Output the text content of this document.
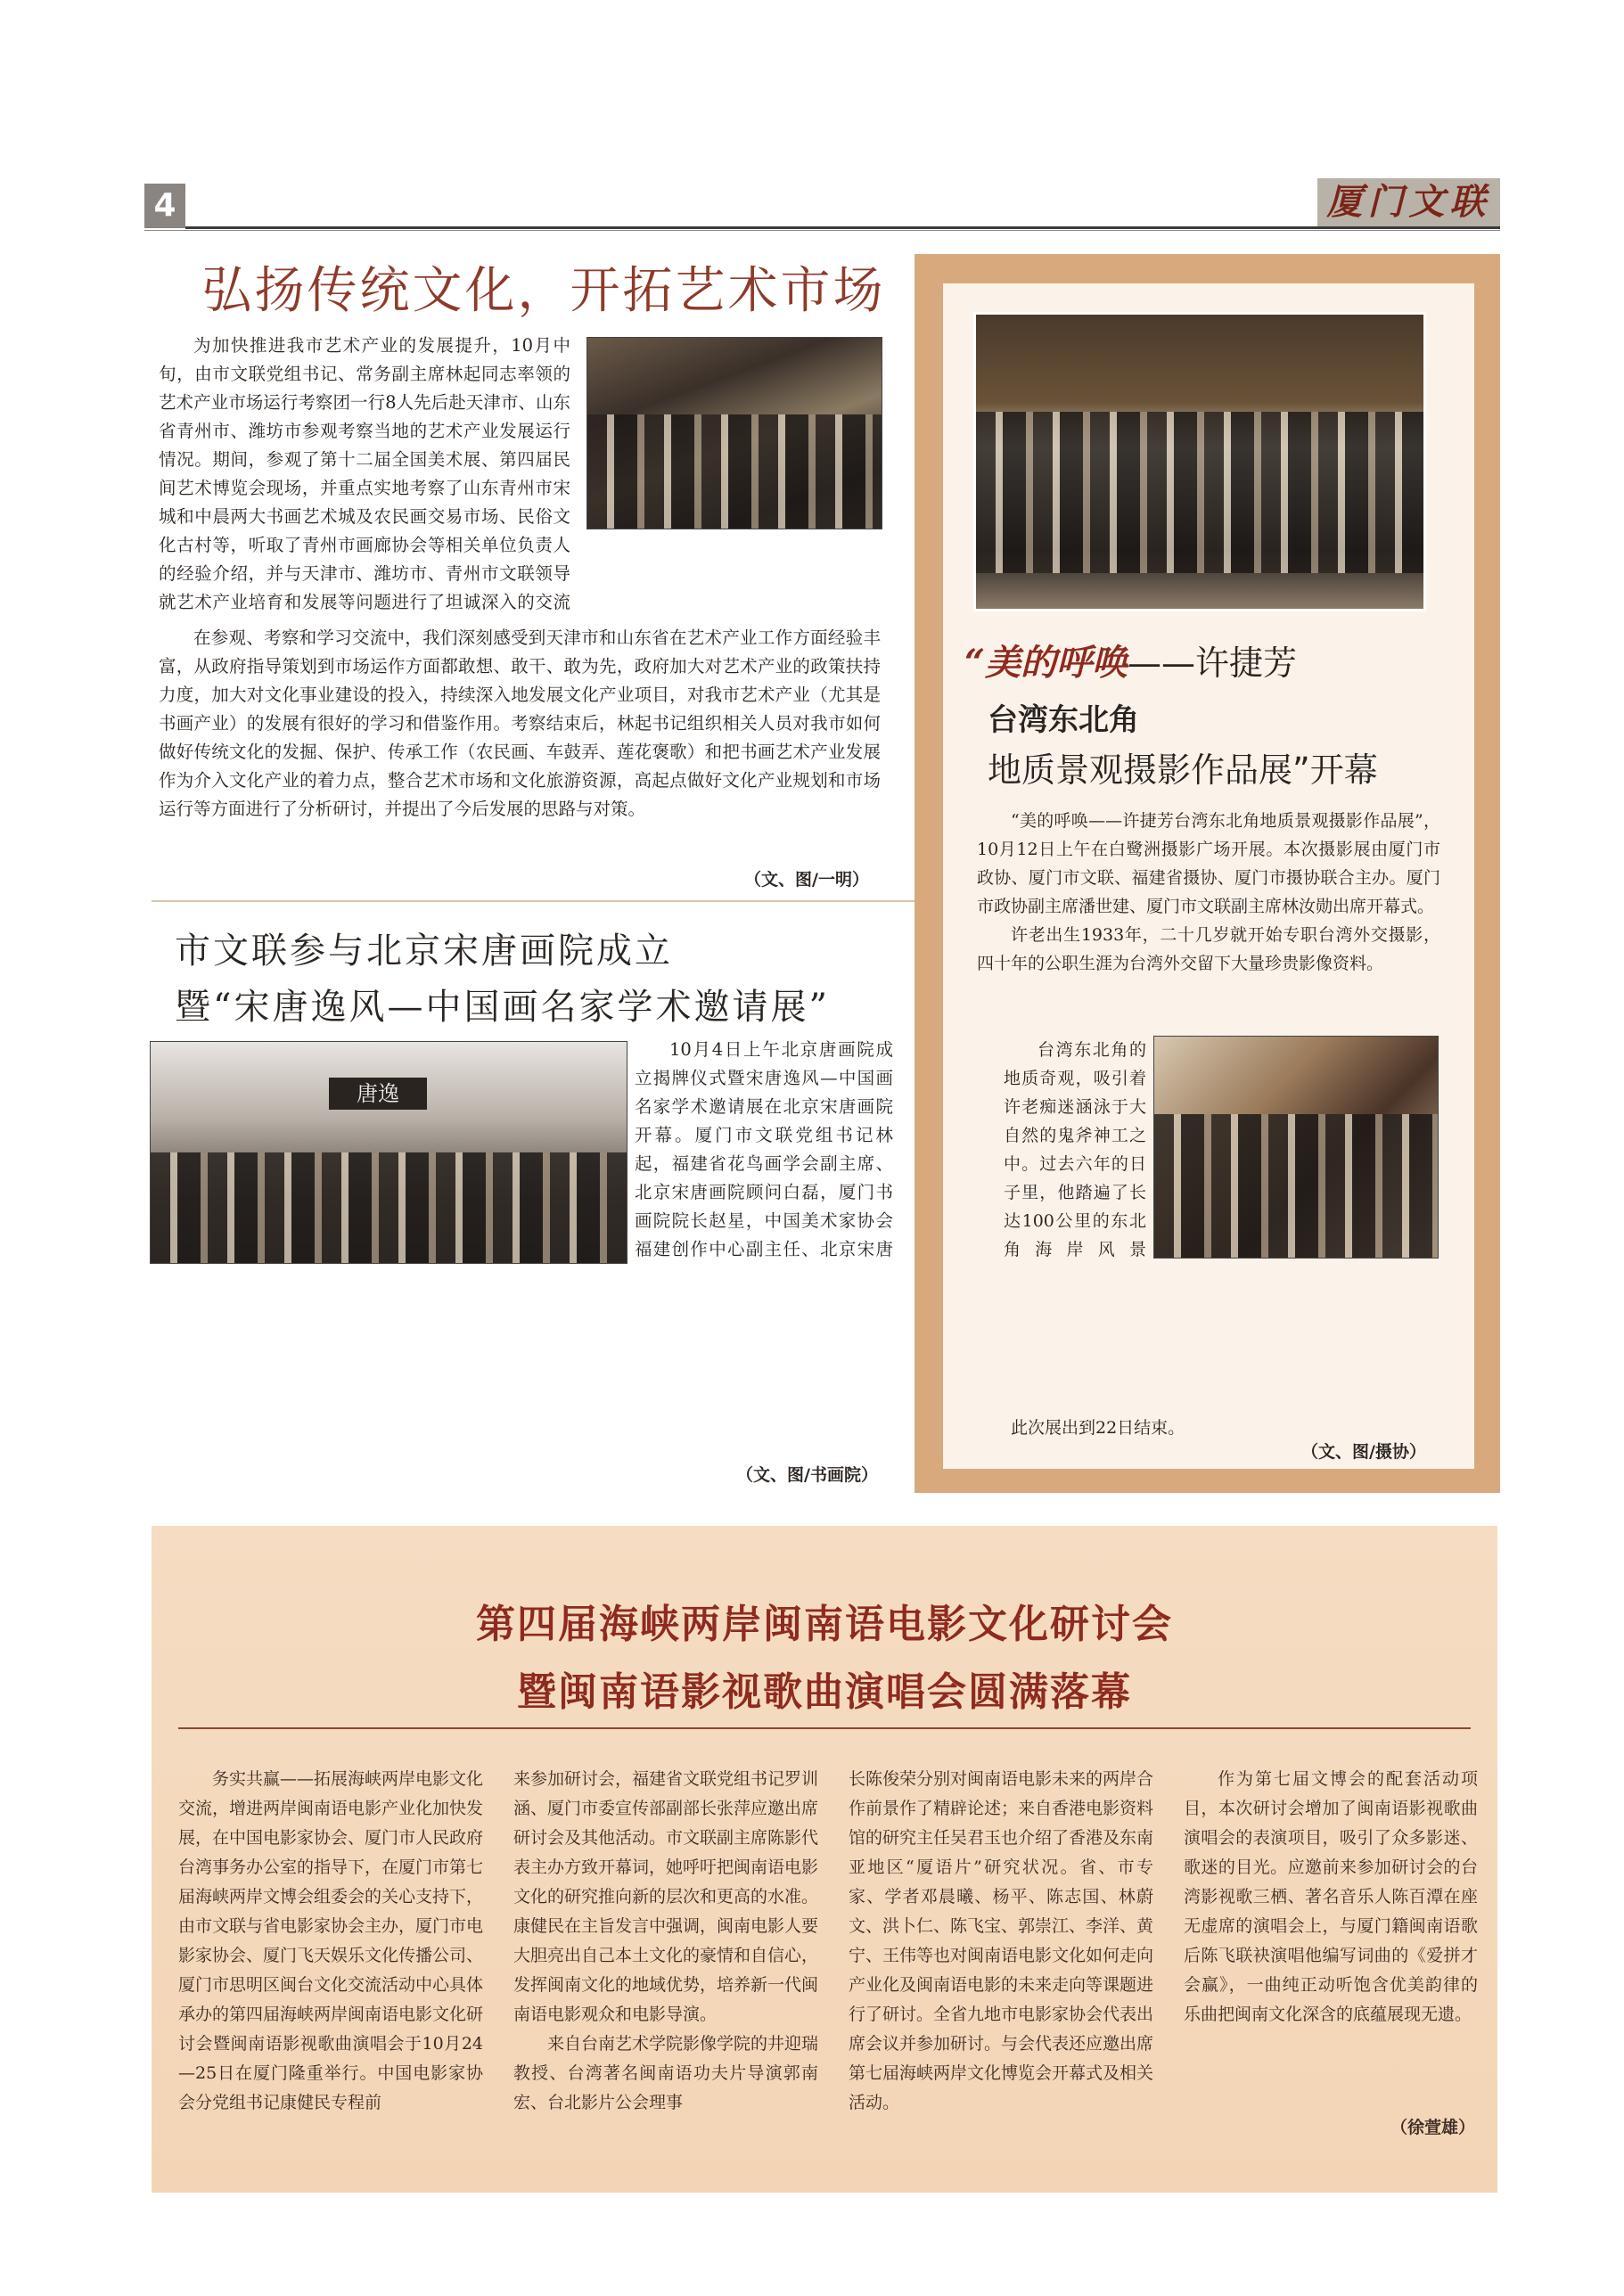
4	厦门文联
弘扬传统文化，开拓艺术市场

为加快推进我市艺术产业的发展提升，10月中旬，由市文联党组书记、常务副主席林起同志率领的艺术产业市场运行考察团一行8人先后赴天津市、山东省青州市、潍坊市参观考察当地的艺术产业发展运行情况。期间，参观了第十二届全国美术展、第四届民间艺术博览会现场，并重点实地考察了山东青州市宋城和中晨两大书画艺术城及农民画交易市场、民俗文化古村等，听取了青州市画廊协会等相关单位负责人的经验介绍，并与天津市、潍坊市、青州市文联领导就艺术产业培育和发展等问题进行了坦诚深入的交流

在参观、考察和学习交流中，我们深刻感受到天津市和山东省在艺术产业工作方面经验丰富，从政府指导策划到市场运作方面都敢想、敢干、敢为先，政府加大对艺术产业的政策扶持力度，加大对文化事业建设的投入，持续深入地发展文化产业项目，对我市艺术产业（尤其是书画产业）的发展有很好的学习和借鉴作用。考察结束后，林起书记组织相关人员对我市如何做好传统文化的发掘、保护、传承工作（农民画、车鼓弄、莲花褒歌）和把书画艺术产业发展作为介入文化产业的着力点，整合艺术市场和文化旅游资源，高起点做好文化产业规划和市场运行等方面进行了分析研讨，并提出了今后发展的思路与对策。

（文、图/一明）
市文联参与北京宋唐画院成立
暨“宋唐逸风—中国画名家学术邀请展”
唐逸

10月4日上午北京唐画院成立揭牌仪式暨宋唐逸风—中国画名家学术邀请展在北京宋唐画院开幕。厦门市文联党组书记林起，福建省花鸟画学会副主席、北京宋唐画院顾问白磊，厦门书画院院长赵星，中国美术家协会福建创作中心副主任、北京宋唐

（文、图/书画院）
“美的呼唤——许捷芳
台湾东北角
地质景观摄影作品展”开幕

“美的呼唤——许捷芳台湾东北角地质景观摄影作品展”，10月12日上午在白鹭洲摄影广场开展。本次摄影展由厦门市政协、厦门市文联、福建省摄协、厦门市摄协联合主办。厦门市政协副主席潘世建、厦门市文联副主席林汝勋出席开幕式。

许老出生1933年，二十几岁就开始专职台湾外交摄影，四十年的公职生涯为台湾外交留下大量珍贵影像资料。

台湾东北角的地质奇观，吸引着许老痴迷涵泳于大自然的鬼斧神工之中。过去六年的日子里，他踏遍了长达100公里的东北角海岸风景

此次展出到22日结束。

（文、图/摄协）
第四届海峡两岸闽南语电影文化研讨会
暨闽南语影视歌曲演唱会圆满落幕

务实共赢——拓展海峡两岸电影文化交流，增进两岸闽南语电影产业化加快发展，在中国电影家协会、厦门市人民政府台湾事务办公室的指导下，在厦门市第七届海峡两岸文博会组委会的关心支持下，由市文联与省电影家协会主办，厦门市电影家协会、厦门飞天娱乐文化传播公司、厦门市思明区闽台文化交流活动中心具体承办的第四届海峡两岸闽南语电影文化研讨会暨闽南语影视歌曲演唱会于10月24—25日在厦门隆重举行。中国电影家协会分党组书记康健民专程前

来参加研讨会，福建省文联党组书记罗训涵、厦门市委宣传部副部长张萍应邀出席研讨会及其他活动。市文联副主席陈影代表主办方致开幕词，她呼吁把闽南语电影文化的研究推向新的层次和更高的水准。康健民在主旨发言中强调，闽南电影人要大胆亮出自己本土文化的豪情和自信心，发挥闽南文化的地域优势，培养新一代闽南语电影观众和电影导演。

来自台南艺术学院影像学院的井迎瑞教授、台湾著名闽南语功夫片导演郭南宏、台北影片公会理事

长陈俊荣分别对闽南语电影未来的两岸合作前景作了精辟论述；来自香港电影资料馆的研究主任吴君玉也介绍了香港及东南亚地区“厦语片”研究状况。省、市专家、学者邓晨曦、杨平、陈志国、林蔚文、洪卜仁、陈飞宝、郭崇江、李洋、黄宁、王伟等也对闽南语电影文化如何走向产业化及闽南语电影的未来走向等课题进行了研讨。全省九地市电影家协会代表出席会议并参加研讨。与会代表还应邀出席第七届海峡两岸文化博览会开幕式及相关活动。

作为第七届文博会的配套活动项目，本次研讨会增加了闽南语影视歌曲演唱会的表演项目，吸引了众多影迷、歌迷的目光。应邀前来参加研讨会的台湾影视歌三栖、著名音乐人陈百潭在座无虚席的演唱会上，与厦门籍闽南语歌后陈飞联袂演唱他编写词曲的《爱拼才会赢》，一曲纯正动听饱含优美韵律的乐曲把闽南文化深含的底蕴展现无遗。

（徐萱雄）
